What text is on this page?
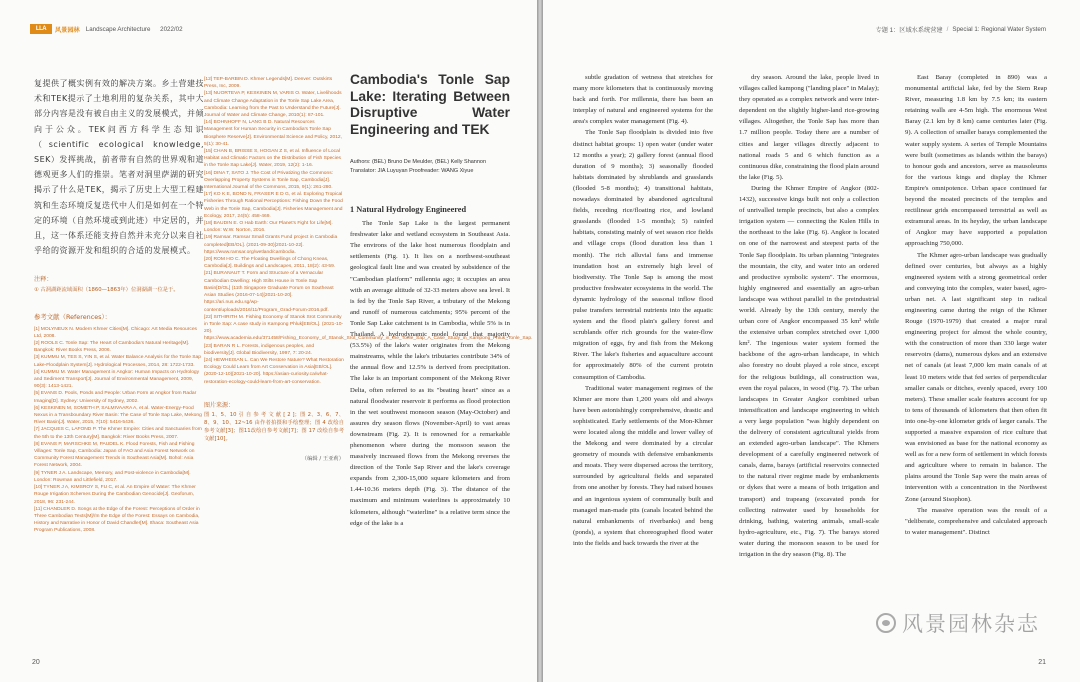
LLA	风景园林 Landscape Architecture
2022/02

复提供了概实例有效的解决方案。乡土营建技术和TEK提示了土地利用的复杂关系，其中大部分内容是没有被自由主义的发展模式，并倾向于公众。TEK问西方科学生态知识（scientific ecological knowledge, SEK）发挥挑战，前者带有自然的世界观和道德观更多人们的推崇。笔者对洞里萨湖的研究揭示了什么是TEK，揭示了历史上大型工程建筑和生态环境反复迭代中人们是如何在一个特定的环境（自然环境或到此迹）中定居的，并且，这一体系还能支持自然并未充分以来自社乎给的资源开发和组织的合适的发展模式。

注释：

① 古洞湖距流域面积（1860—1863年）位洞湖湖一位是于。

参考文献（References）：

[1] MOLYNEUX N. Modern Khmer Cities[M]. Chicago: Art Media Resources Ltd, 2008.

[2] ROOLS C. Tonle Sap: The Heart of Cambodia's Natural Heritage[M]. Bangkok: River Books Press, 2006.

[3] KUMMU M, TES S, YIN S, et al. Water Balance Analysis for the Tonle Sap Lake-Floodplain System[J]. Hydrological Processes, 2014, 28: 1722-1733.

[4] KUMMU M. Water Management in Angkor: Human Impacts on Hydrology and Sediment Transport[J]. Journal of Environmental Management, 2009, 90(3): 1413-1421.

[5] EVANS D. Pools, Ponds and People: Urban Form at Angkor from Radar Imaging[D]. Sydney: University of Sydney, 2002.

[6] KESKINEN M, SOMETH P, SALMIVAARA A, et al. Water-Energy-Food Nexus in a Transboundary River Basin: The Case of Tonle Sap Lake, Mekong River Basin[J]. Water, 2015, 7(10): 5416-5436.

[7] JACQUES C, LAFOND P. The Khmer Empire: Cities and Sanctuaries from the 5th to the 13th Century[M]. Bangkok: River Books Press, 2007.

[8] EVANS P, MARSCHKE M, PAUDEL K. Flood Forests, Fish and Fishing Villages: Tonle Sap, Cambodia: Japan of FAO and Asia Forest Network on Community Forest Management Trends in Southeast Asia[M]. Bohol: Asia Forest Network, 2004.

[9] TYNER J A. Landscape, Memory, and Post-violence in Cambodia[M]. London: Rowman and Littlefield, 2017.

[10] TYNER J A, KIMSROY S, FU C, et al. An Empire of Water: The Khmer Rouge Irrigation Schemes During the Cambodian Genocide[J]. Geoforum, 2018, 96: 231-244.

[11] CHANDLER D. Songs at the Edge of the Forest: Perceptions of Order in Three Cambodian Texts[M]//In the Edge of the Forest: Essays on Cambodia, History and Narrative in Honor of David Chandler[M]. Ithaca: Southeast Asia Program Publications, 2008.

[12] TEP-BARBIN D. Khmer Legends[M]. Denver: Outskirts Press, Inc, 2009.

[13] NUORTEVA P, KESKINEN M, VARIS O. Water, Livelihoods and Climate Change Adaptation in the Tonle Sap Lake Area, Cambodia: Learning from the Past to Understand the Future[J]. Journal of Water and Climate Change, 2010(1): 87-101.

[14] BOHNHOFF N, LANG B D. Natural Resources Management for Human Security in Cambodia's Tonle Sap Biosphere Reserve[J]. Environmental Science and Policy, 2012, 5(1): 30-41.

[15] CHAN B, BRISSE S, HOGAN Z S, et al. Influence of Local Habitat and Climatic Factors on the Distribution of Fish Species in the Tonle Sap Lake[J]. Water, 2019, 12(2): 1-16.

[16] DINA T, SATO J. The Cost of Privatizing the Commons: Overlapping Property Systems in Tonle Sap, Cambodia[J]. International Journal of the Commons, 2015, 9(1): 261-280.

[17] KO K E, BOND N, FRASER E D G, et al. Exploring Tropical Fisheries Through Rational Perceptions: Fishing Down the Food Web in the Tonle Sap, Cambodia[J]. Fisheries Management and Ecology, 2017, 24(5): 458-469.

[18] BAUDIN E. O Hab Earth: Our Planet's Fight for Life[M]. London: W.W. Norton, 2016.

[19] Ramsar. Ramsar Small Grants Fund project in Cambodia completed[EB/OL]. (2021-09-30)[2021-10-22]. https://www.ramsar.org/wetland/cambodia.

[20] ROM HO C. The Floating Dwellings of Chong Kneas, Cambodia[J]. Buildings and Landscapes, 2011, 18(2): 43-59.

[21] BURANAUT T. Form and Structure of a Vernacular Cambodian Dwelling: High Stilts House in Tonle Sap Basin[D/OL] (11th Singapore Graduate Forum on Southeast Asian Studies (2016-07-14)[2021-10-20]. https://ari.nus.edu.sg/wp-content/uploads/2016/11/Program_Grad-Forum-2016.pdf.

[22] SITHIRITH M. Fishing Economy of Stanok Srot Community in Tonle Sap: A case study in Kampong Phluk[EB/OL]. (2021-10-20). https://www.academia.edu/371458/Fishing_Economy_of_Stanok_Srot_Community_in_the_Tonle_Sap_A_Case_Study_in_Kampong_Phluk_Tonle_Sap.

[23] BARAN R L. Forests, indigenous peoples, and biodiversity[J]. Global Biodiversity, 1997, 7: 20-24.

[24] HEWHEISAN L. Can We Restore Nature? What Restoration Ecology Could Learn from Art Conservation in Asia[EB/OL]. (2020-12-10)[2021-10-20]. https://asian-curiosity.ca/what-restoration-ecology-could-learn-from-art-conservation.

图片来源：

图 1、5、10 引 自 参 考 文 献 [ 2 ]；图 2、3、6、7、8、9、10、12~16 由作者拍摄和手绘整理；图 4 改绘自参考文献[3]；图11改绘自参考文献[7]；图 17 改绘自参考文献[10]。

（编辑 / 王亚莉）

Cambodia's Tonle Sap Lake: Iterating Between Disruptive Water Engineering and TEK

Authors: (BEL) Bruno De Meulder, (BEL) Kelly Shannon

Translator: JIA Luyuyan Proofreader: WANG Xiyue

1 Natural Hydrology Engineered

The Tonle Sap Lake is the largest permanent freshwater lake and wetland ecosystem in Southeast Asia. The environs of the lake host numerous floodplain and settlements (Fig. 1). It lies on a northwest-southeast geological fault line and was created by subsidence of the "Cambodian platform" millennia ago; it occupies an area with an average altitude of 32-33 meters above sea level. It is fed by the Tonle Sap River, a tributary of the Mekong and runoff of numerous catchments; 95% percent of the Tonle Sap Lake catchment is in Cambodia, while 5% is in Thailand. A hydrodynamic model found that majority (53.5%) of the lake's water originates from the Mekong mainstreams, while the lake's tributaries contribute 34% of the annual flow and 12.5% is derived from precipitation. The lake is an important component of the Mekong River Delta, often referred to as its "beating heart" since as a natural floodwater reservoir it performs as flood protection in the wet southwest monsoon season (May-October) and assures dry season flows (November-April) to vast areas downstream (Fig. 2). It is renowned for a remarkable phenomenon where during the monsoon season the massively increased flows from the Mekong reverses the direction of the Tonle Sap River and the lake's coverage expands from 2,300-15,000 square kilometers and from 1.44-10.36 meters depth (Fig. 3). The distance of the maximum and minimum waterlines is approximately 10 kilometers, although "waterline" is a relative term since the edge of the lake is a

20
专题 1：区域水系统营建 / Special 1: Regional Water System

subtle gradation of wetness that stretches for many more kilometers that is continuously moving back and forth. For millennia, there has been an interplay of natural and engineered systems for the area's complex water management (Fig. 4).

The Tonle Sap floodplain is divided into five distinct habitat groups: 1) open water (under water 12 months a year); 2) gallery forest (annual flood duration of 9 months); 3) seasonally flooded habitats dominated by shrublands and grasslands (flooded 5-8 months); 4) transitional habitats, nowadays dominated by abandoned agricultural fields, receding rice/floating rice, and lowland grasslands (flooded 1-5 months); 5) rainfed habitats, consisting mainly of wet season rice fields and village crops (flood duration less than 1 month). The rich alluvial fans and immense inundation host an extremely high level of biodiversity. The Tonle Sap is among the most productive freshwater ecosystems in the world. The dynamic hydrology of the seasonal inflow flood pulse transfers terrestrial nutrients into the aquatic system and the flood plain's gallery forest and scrublands offer rich grounds for the water-flow migration of eggs, fry and fish from the Mekong River. The lake's fisheries and aquaculture account for approximately 80% of the current protein consumption of Cambodia.

Traditional water management regimes of the Khmer are more than 1,200 years old and always have been astonishingly comprehensive, drastic and sophisticated. Early settlements of the Mon-Khmer were located along the middle and lower valley of the Mekong and were dominated by a circular geometry of mounds with defensive embankments and moats. They were dispersed across the territory, surrounded by agricultural fields and separated from one another by forests. They had raised houses and an ingenious system of communally built and managed man-made pits (canals located behind the natural embankments of riverbanks) and beng (ponds), a system that choreographed flood water into the fields and back towards the river at the

dry season. Around the lake, people lived in villages called kampong ("landing place" in Malay); they operated as a complex network and were inter-dependent on the slightly higher-land rice-growing villages. Altogether, the Tonle Sap has more than 1.7 million people. Today there are a number of cities and larger villages directly adjacent to national roads 5 and 6 which function as a continuous dike, constraining the flood plain around the lake (Fig. 5).

During the Khmer Empire of Angkor (802-1432), successive kings built not only a collection of unrivalled temple precincts, but also a complex irrigation system — connecting the Kulen Hills in the northeast to the lake (Fig. 6). Angkor is located on one of the narrowest and steepest parts of the Tonle Sap floodplain. Its urban planning "integrates the mountain, the city, and water into an ordered and productive symbolic system". The enormous, highly engineered and essentially an agro-urban landscape was without parallel in the preindustrial world. Already by the 13th century, merely the urban core of Angkor encompassed 35 km² while the extensive urban complex stretched over 1,000 km². The ingenious water system formed the backbone of the agro-urban landscape, in which also forestry no doubt played a role since, except for the religious buildings, all construction was, even the royal palaces, in wood (Fig. 7). The urban landscapes in Greater Angkor combined urban intensification and landscape engineering in which a very large population "was highly dependent on the delivery of consistent agricultural yields from an extended agro-urban landscape". The Khmers development of a carefully engineered network of canals, dams, barays (artificial reservoirs connected to the natural river regime made by embankments or dykes that were a means of both irrigation and transport) and trapeang (excavated ponds for collecting rainwater used by households for drinking, bathing, watering animals, small-scale hydro-agriculture, etc., Fig. 7). The barays stored water during the monsoon season to be used for irrigation in the dry season (Fig. 8). The

East Baray (completed in 890) was a monumental artificial lake, fed by the Siem Reap River, measuring 1.8 km by 7.5 km; its eastern retaining walls are 4-5m high. The enormous West Baray (2.1 km by 8 km) came centuries later (Fig. 9). A collection of smaller barays complemented the water supply system. A series of Temple Mountains were built (sometimes as islands within the barays) to honour gods and ancestors, serve as mausoleums for the various kings and display the Khmer Empire's omnipotence. Urban space continued far beyond the moated precincts of the temples and rectilinear grids encompassed terrestrial as well as extramural areas. In its heyday, the urban landscape of Angkor may have supported a population approaching 750,000.

The Khmer agro-urban landscape was gradually defined over centuries, but always as a highly engineered system with a strong geometrical order and conveying into the complex, water based, agro-urban net. A last significant step in radical engineering came during the reign of the Khmer Rouge (1970-1979) that created a major rural engineering project for almost the whole country, with the construction of more than 330 large water reservoirs (dams), numerous dykes and an extensive net of canals (at least 7,000 km main canals of at least 10 meters wide that fed series of perpendicular smaller canals or ditches, evenly spaced, every 100 meters). These smaller scale features account for up to tens of thousands of kilometers that then often fit into one-by-one kilometer grids of larger canals. The supported a massive expansion of rice culture that was envisioned as base for the national economy as well as for a new form of settlement in which forests and agriculture where to remain in balance. The plains around the Tonle Sap were the main areas of intervention with a concentration in the Northwest Zone (around Sisophon).

The massive operation was the result of a "deliberate, comprehensive and calculated approach to water management". Distinct

风景园林杂志
21
